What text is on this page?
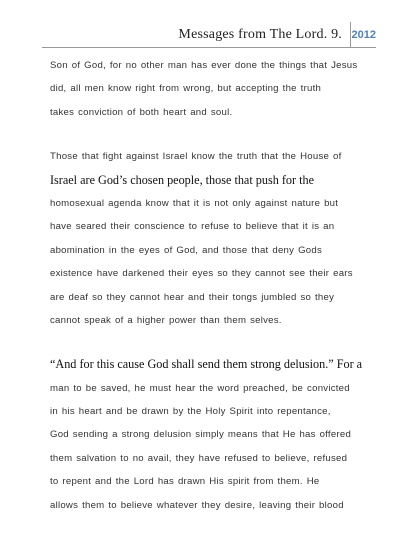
Messages from The Lord. 9. 2012
Son of God, for no other man has ever done the things that Jesus
did, all men know right from wrong, but accepting the truth
takes conviction of both heart and soul.
Those that fight against Israel know the truth that the House of
Israel are God’s chosen people, those that push for the
homosexual agenda know that it is not only against nature but
have seared their conscience to refuse to believe that it is an
abomination in the eyes of God, and those that deny Gods
existence have darkened their eyes so they cannot see their ears
are deaf so they cannot hear and their tongs jumbled so they
cannot speak of a higher power than them selves.
“And for this cause God shall send them strong delusion.” For a
man to be saved, he must hear the word preached, be convicted
in his heart and be drawn by the Holy Spirit into repentance,
God sending a strong delusion simply means that He has offered
them salvation to no avail, they have refused to believe, refused
to repent and the Lord has drawn His spirit from them. He
allows them to believe whatever they desire, leaving their blood
